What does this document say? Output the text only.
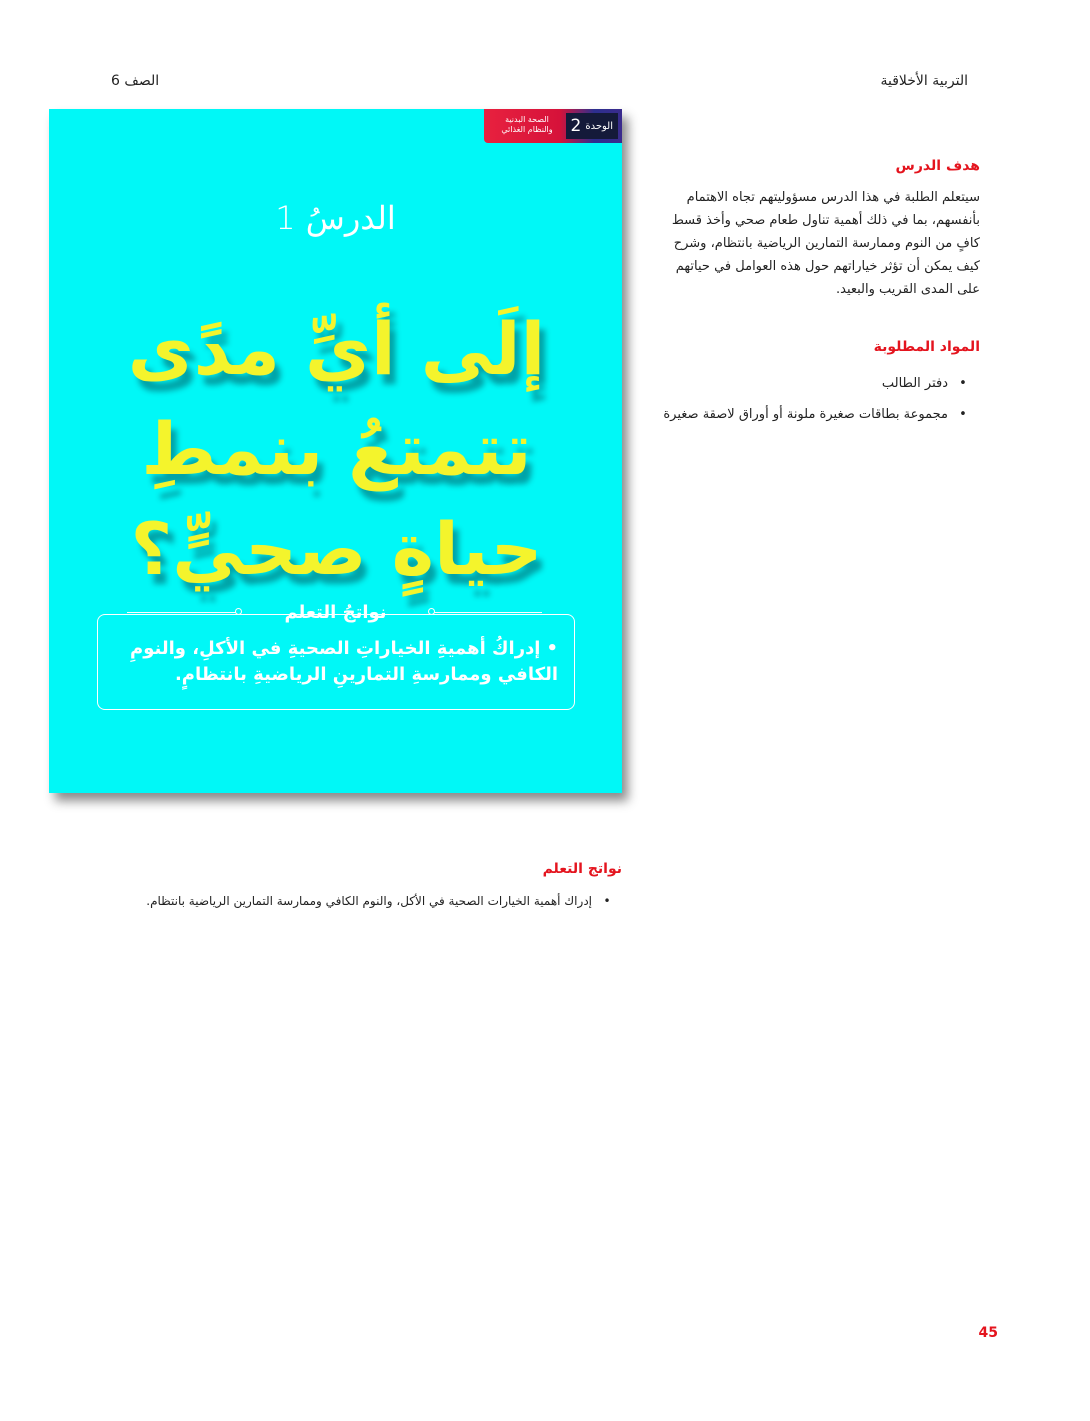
التربية الأخلاقية
الصف 6
الوحدة
2
الصحة البدنية
والنظام الغذائي
الدرسُ 1
إلَى أيِّ مدًى
تتمتعُ بنمطِ
حياةٍ صحيٍّ؟
نواتجُ التعلم
•إدراكُ أهميةِ الخياراتِ الصحيةِ في الأكلِ، والنومِ الكافي وممارسةِ التمارينِ الرياضيةِ بانتظامٍ.
هدف الدرس
سيتعلم الطلبة في هذا الدرس مسؤوليتهم تجاه الاهتمام بأنفسهم، بما في ذلك أهمية تناول طعام صحي وأخذ قسط كافٍ من النوم وممارسة التمارين الرياضية بانتظام، وشرح كيف يمكن أن تؤثر خياراتهم حول هذه العوامل في حياتهم على المدى القريب والبعيد.
المواد المطلوبة
• دفتر الطالب
• مجموعة بطاقات صغيرة ملونة أو أوراق لاصقة صغيرة
نواتج التعلم
•إدراك أهمية الخيارات الصحية في الأكل، والنوم الكافي وممارسة التمارين الرياضية بانتظام.
45
